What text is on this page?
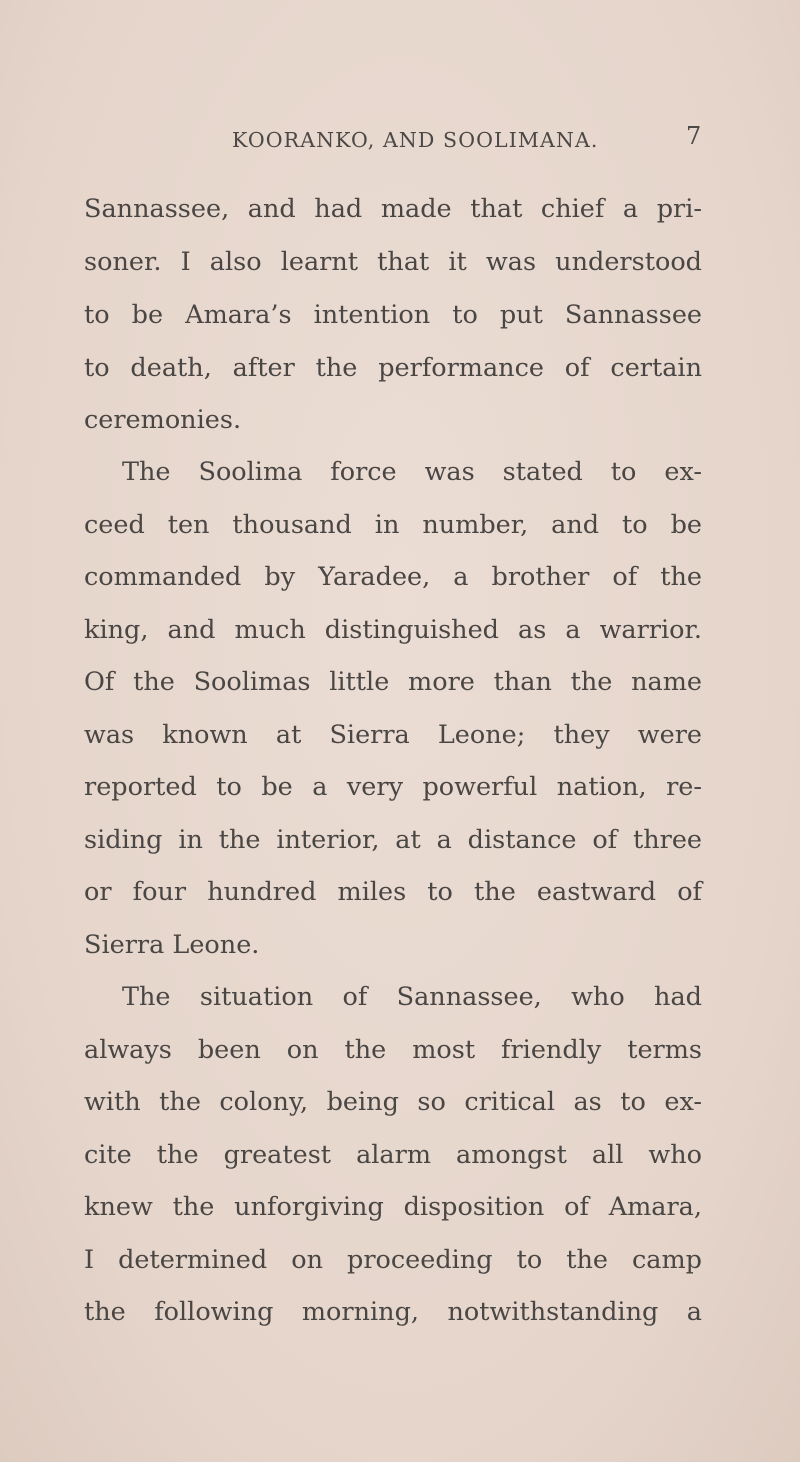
KOORANKO, AND SOOLIMANA.	7
Sannassee, and had made that chief a pri-
soner. I also learnt that it was understood
to be Amara’s intention to put Sannassee
to death, after the performance of certain
ceremonies.
The Soolima force was stated to ex-
ceed ten thousand in number, and to be
commanded by Yaradee, a brother of the
king, and much distinguished as a warrior.
Of the Soolimas little more than the name
was known at Sierra Leone; they were
reported to be a very powerful nation, re-
siding in the interior, at a distance of three
or four hundred miles to the eastward of
Sierra Leone.
The situation of Sannassee, who had
always been on the most friendly terms
with the colony, being so critical as to ex-
cite the greatest alarm amongst all who
knew the unforgiving disposition of Amara,
I determined on proceeding to the camp
the following morning, notwithstanding a
